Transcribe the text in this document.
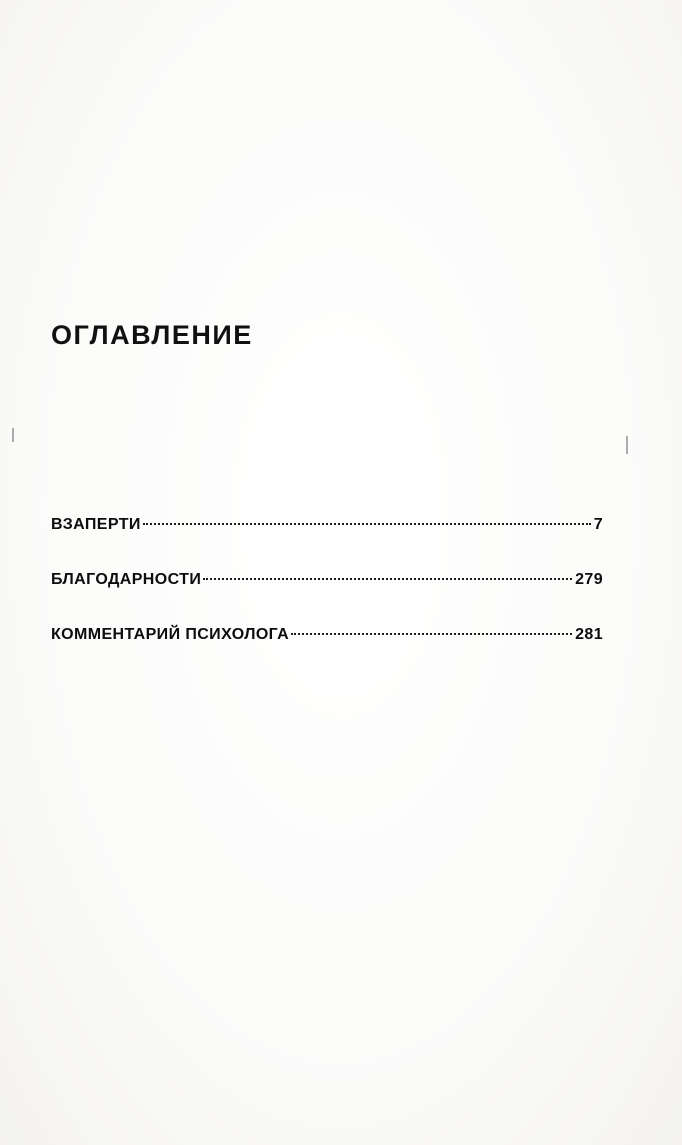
ОГЛАВЛЕНИЕ
ВЗАПЕРТИ	7
БЛАГОДАРНОСТИ	279
КОММЕНТАРИЙ ПСИХОЛОГА	281
